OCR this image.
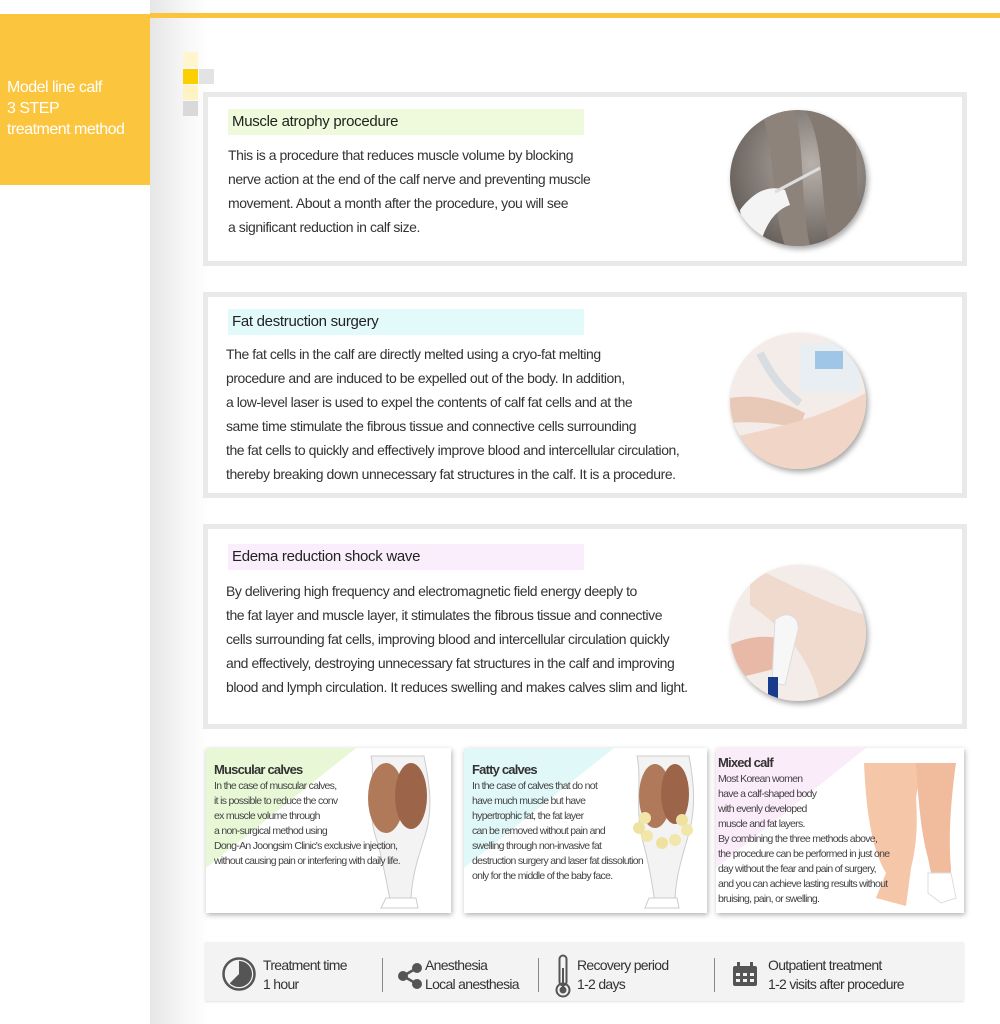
Model line calf
3 STEP
treatment method	Muscle atrophy procedure
This is a procedure that reduces muscle volume by blocking
nerve action at the end of the calf nerve and preventing muscle
movement. About a month after the procedure, you will see
a significant reduction in calf size.
Fat destruction surgery
The fat cells in the calf are directly melted using a cryo-fat melting
procedure and are induced to be expelled out of the body. In addition,
a low-level laser is used to expel the contents of calf fat cells and at the
same time stimulate the fibrous tissue and connective cells surrounding
the fat cells to quickly and effectively improve blood and intercellular circulation,
thereby breaking down unnecessary fat structures in the calf. It is a procedure.
Edema reduction shock wave
By delivering high frequency and electromagnetic field energy deeply to
the fat layer and muscle layer, it stimulates the fibrous tissue and connective
cells surrounding fat cells, improving blood and intercellular circulation quickly
and effectively, destroying unnecessary fat structures in the calf and improving
blood and lymph circulation. It reduces swelling and makes calves slim and light.
Muscular calves
In the case of muscular calves,
it is possible to reduce the conv
ex muscle volume through
a non-surgical method using
Dong-An Joongsim Clinic's exclusive injection,
without causing pain or interfering with daily life.
Fatty calves
In the case of calves that do not
have much muscle but have
hypertrophic fat, the fat layer
can be removed without pain and
swelling through non-invasive fat
destruction surgery and laser fat dissolution
only for the middle of the baby face.
Mixed calf
Most Korean women
have a calf-shaped body
with evenly developed
muscle and fat layers.
By combining the three methods above,
the procedure can be performed in just one
day without the fear and pain of surgery,
and you can achieve lasting results without
bruising, pain, or swelling.
Treatment time
1 hour
Anesthesia
Local anesthesia
Recovery period
1-2 days
Outpatient treatment
1-2 visits after procedure
